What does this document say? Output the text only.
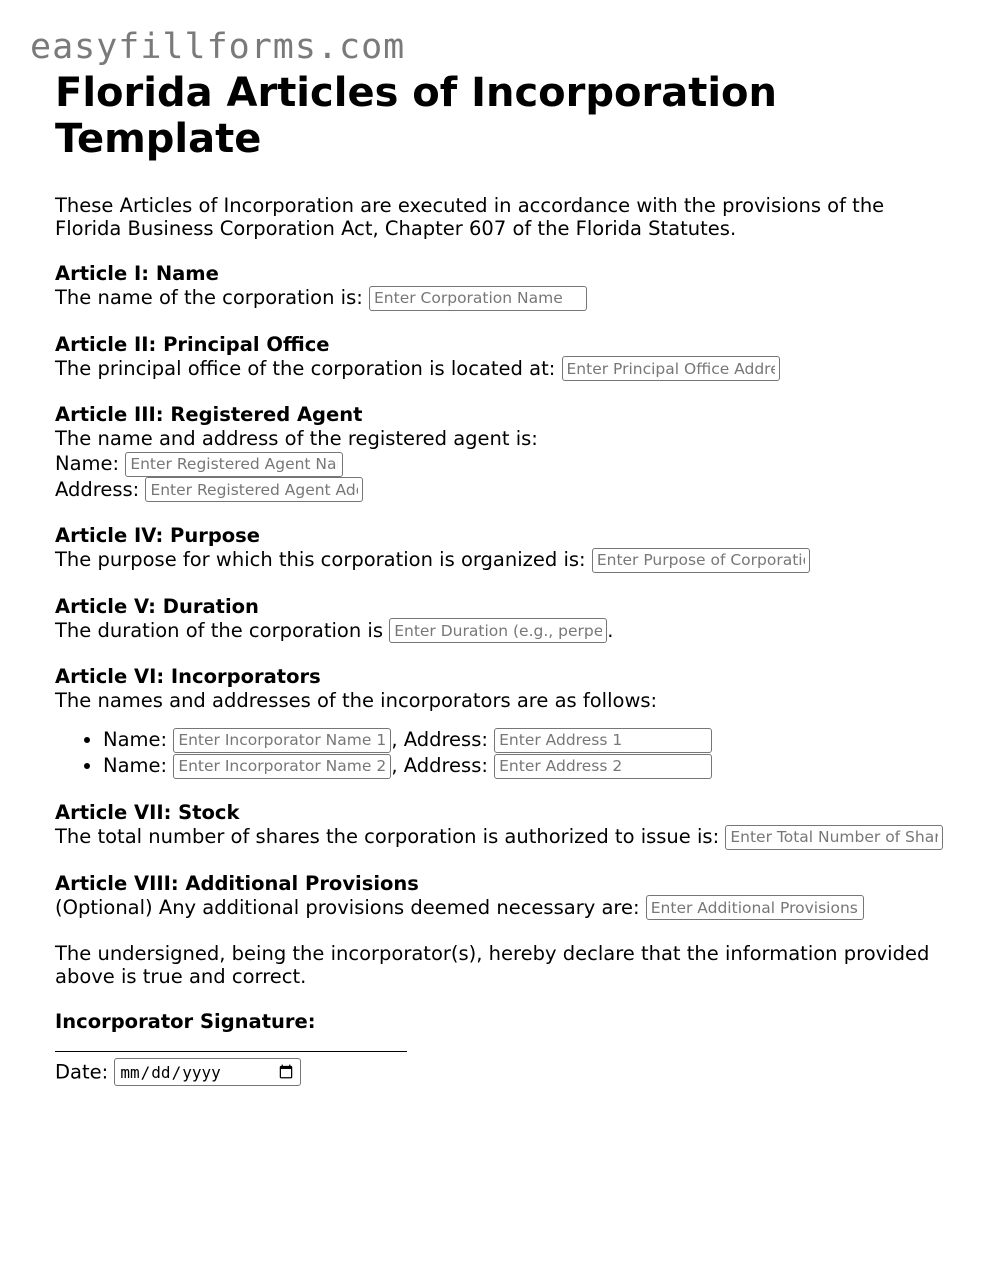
easyfillforms.com
Florida Articles of Incorporation Template

These Articles of Incorporation are executed in accordance with the provisions of the Florida Business Corporation Act, Chapter 607 of the Florida Statutes.

Article I: Name
The name of the corporation is: Enter Corporation Name
Article II: Principal Office
The principal office of the corporation is located at: Enter Principal Office Address
Article III: Registered Agent
The name and address of the registered agent is:
Name: Enter Registered Agent Name
Address: Enter Registered Agent Address
Article IV: Purpose
The purpose for which this corporation is organized is: Enter Purpose of Corporation
Article V: Duration
The duration of the corporation is Enter Duration (e.g., perpetual)	.
Article VI: Incorporators
The names and addresses of the incorporators are as follows:
• Name: Enter Incorporator Name 1	, Address: Enter Address 1
• Name: Enter Incorporator Name 2	, Address: Enter Address 2
Article VII: Stock
The total number of shares the corporation is authorized to issue is: Enter Total Number of Shares
Article VIII: Additional Provisions
(Optional) Any additional provisions deemed necessary are: Enter Additional Provisions

The undersigned, being the incorporator(s), hereby declare that the information provided above is true and correct.

Incorporator Signature:
Date: mm/dd/yyyy
